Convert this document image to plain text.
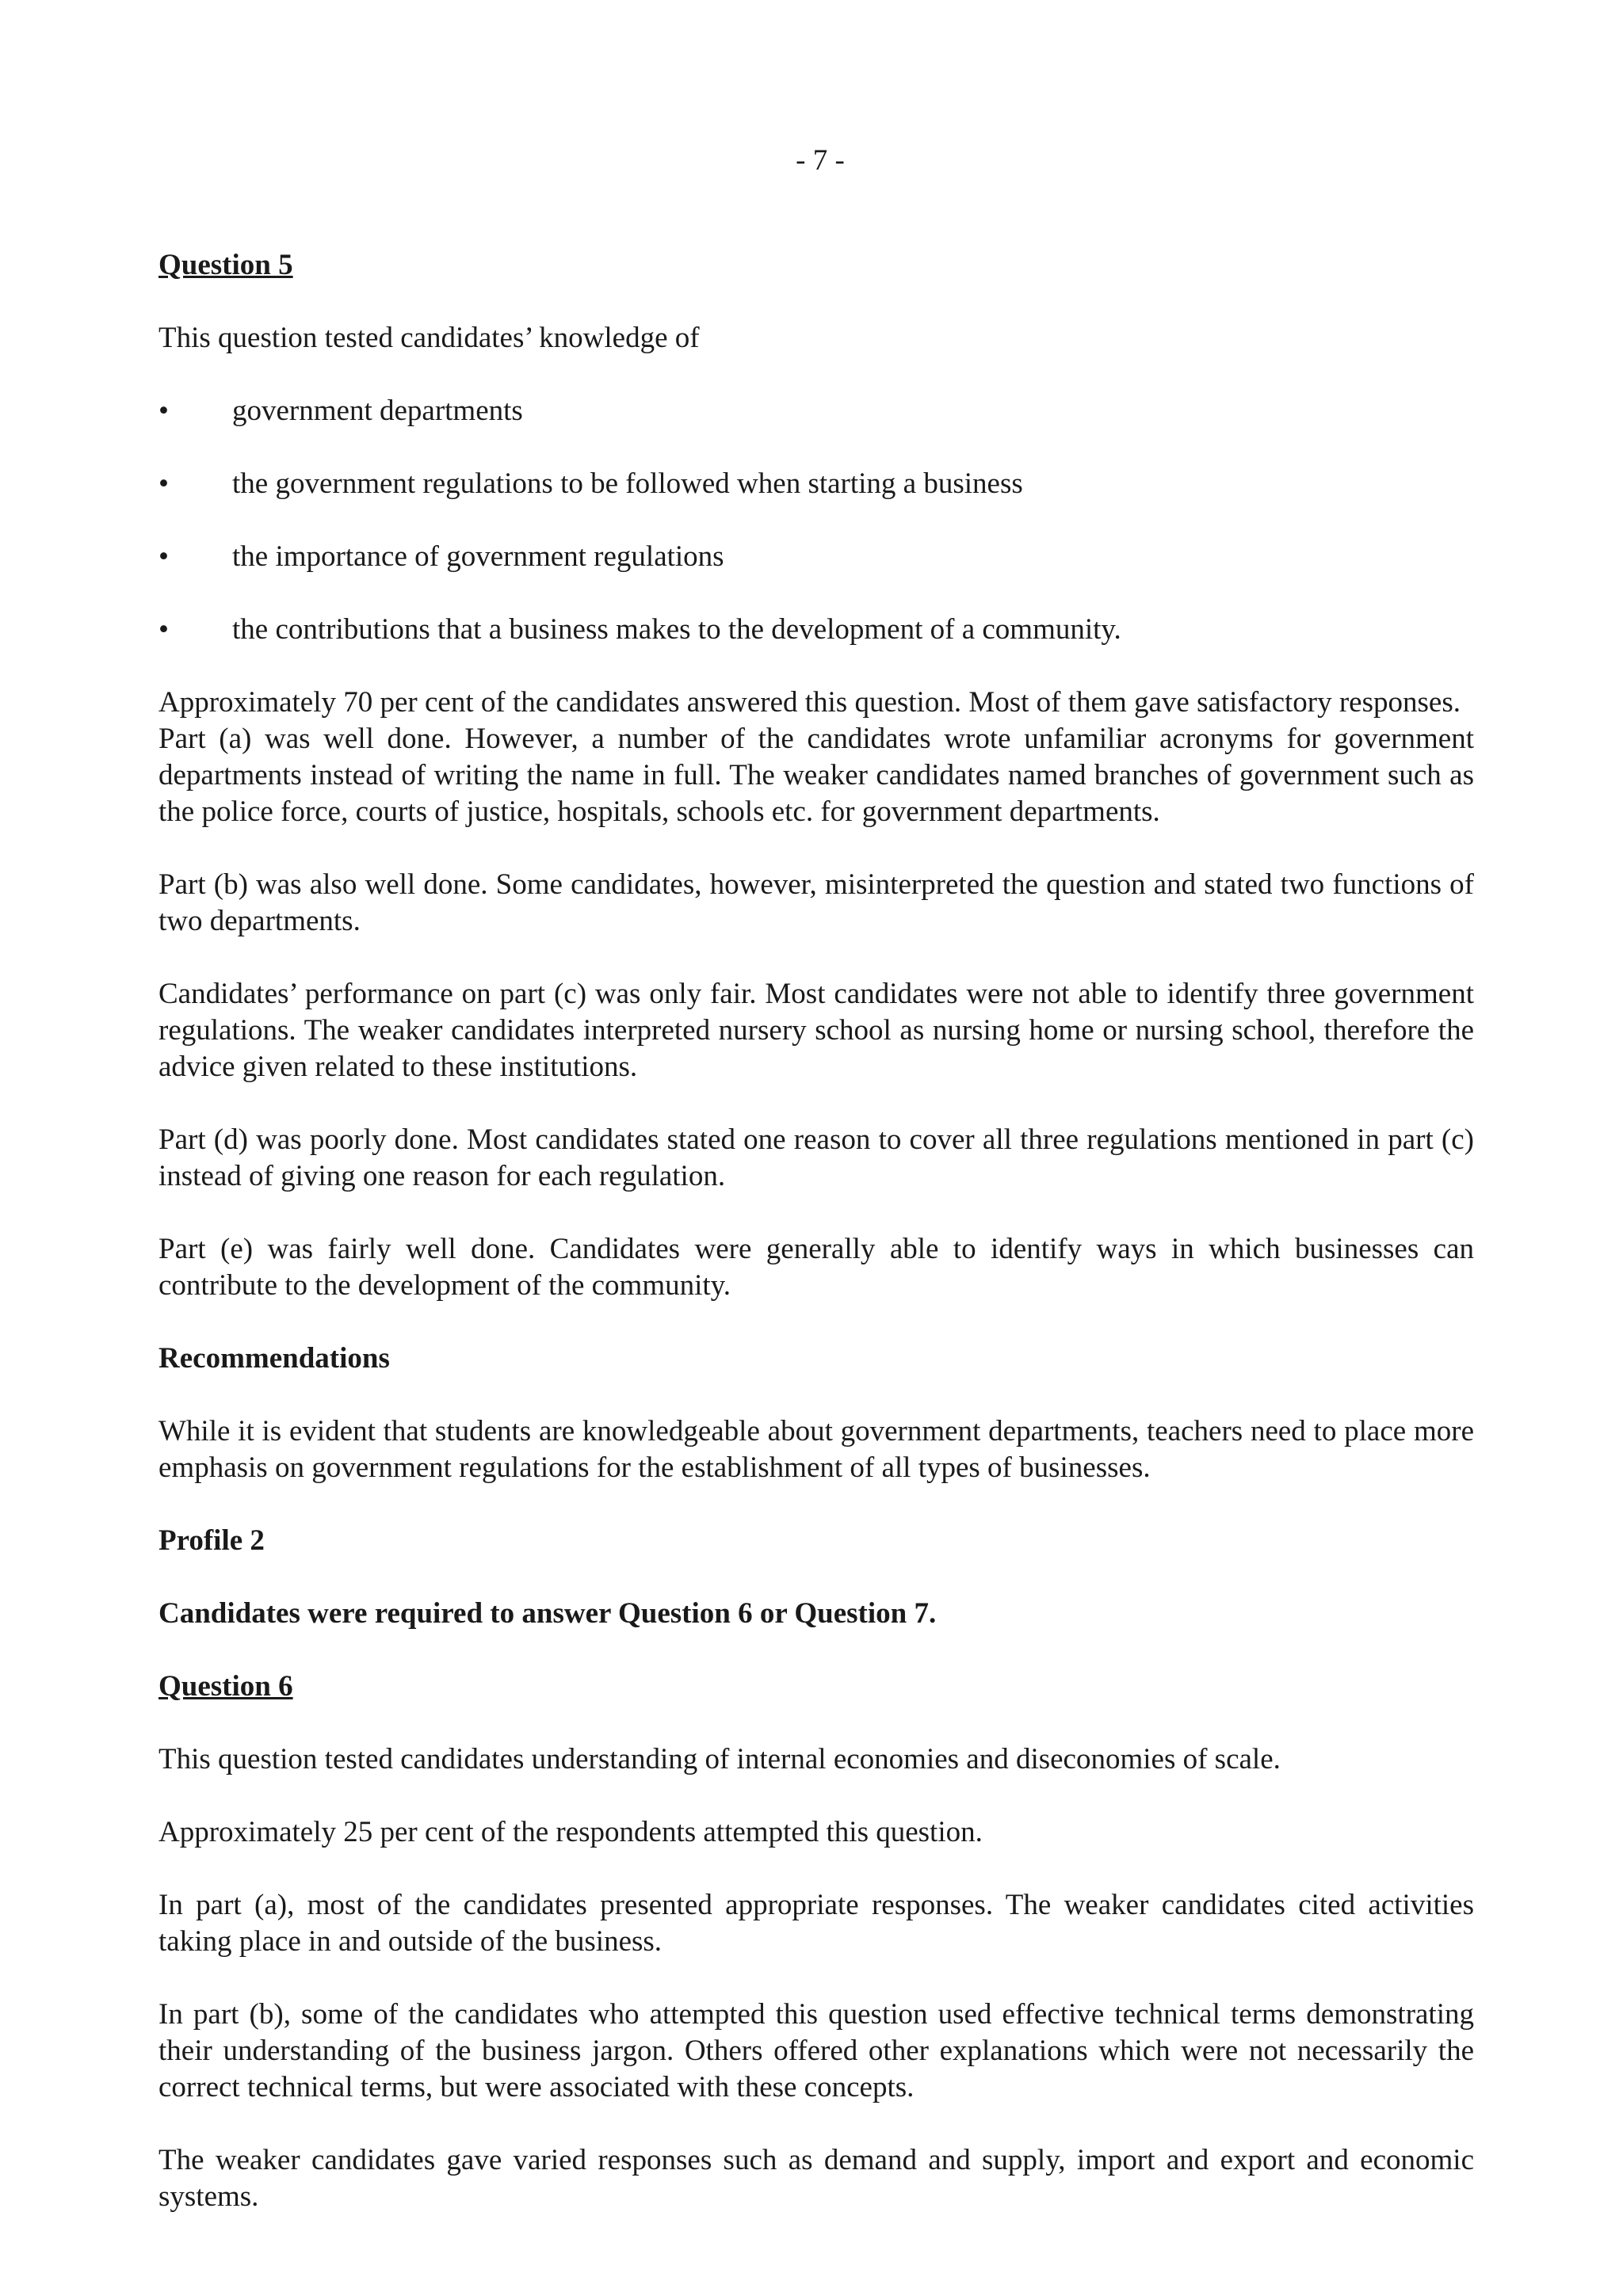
- 7 -
Question 5

This question tested candidates’ knowledge of

• government departments
• the government regulations to be followed when starting a business
• the importance of government regulations
• the contributions that a business makes to the development of a community.

Approximately 70 per cent of the candidates answered this question. Most of them gave satisfactory responses.

Part (a) was well done. However, a number of the candidates wrote unfamiliar acronyms for government departments instead of writing the name in full. The weaker candidates named branches of government such as the police force, courts of justice, hospitals, schools etc. for government departments.

Part (b) was also well done. Some candidates, however, misinterpreted the question and stated two functions of two departments.

Candidates’ performance on part (c) was only fair. Most candidates were not able to identify three government regulations. The weaker candidates interpreted nursery school as nursing home or nursing school, therefore the advice given related to these institutions.

Part (d) was poorly done. Most candidates stated one reason to cover all three regulations mentioned in part (c) instead of giving one reason for each regulation.

Part (e) was fairly well done. Candidates were generally able to identify ways in which businesses can contribute to the development of the community.

Recommendations

While it is evident that students are knowledgeable about government departments, teachers need to place more emphasis on government regulations for the establishment of all types of businesses.

Profile 2
Candidates were required to answer Question 6 or Question 7.
Question 6

This question tested candidates understanding of internal economies and diseconomies of scale.

Approximately 25 per cent of the respondents attempted this question.

In part (a), most of the candidates presented appropriate responses. The weaker candidates cited activities taking place in and outside of the business.

In part (b), some of the candidates who attempted this question used effective technical terms demonstrating their understanding of the business jargon. Others offered other explanations which were not necessarily the correct technical terms, but were associated with these concepts.

The weaker candidates gave varied responses such as demand and supply, import and export and economic systems.
